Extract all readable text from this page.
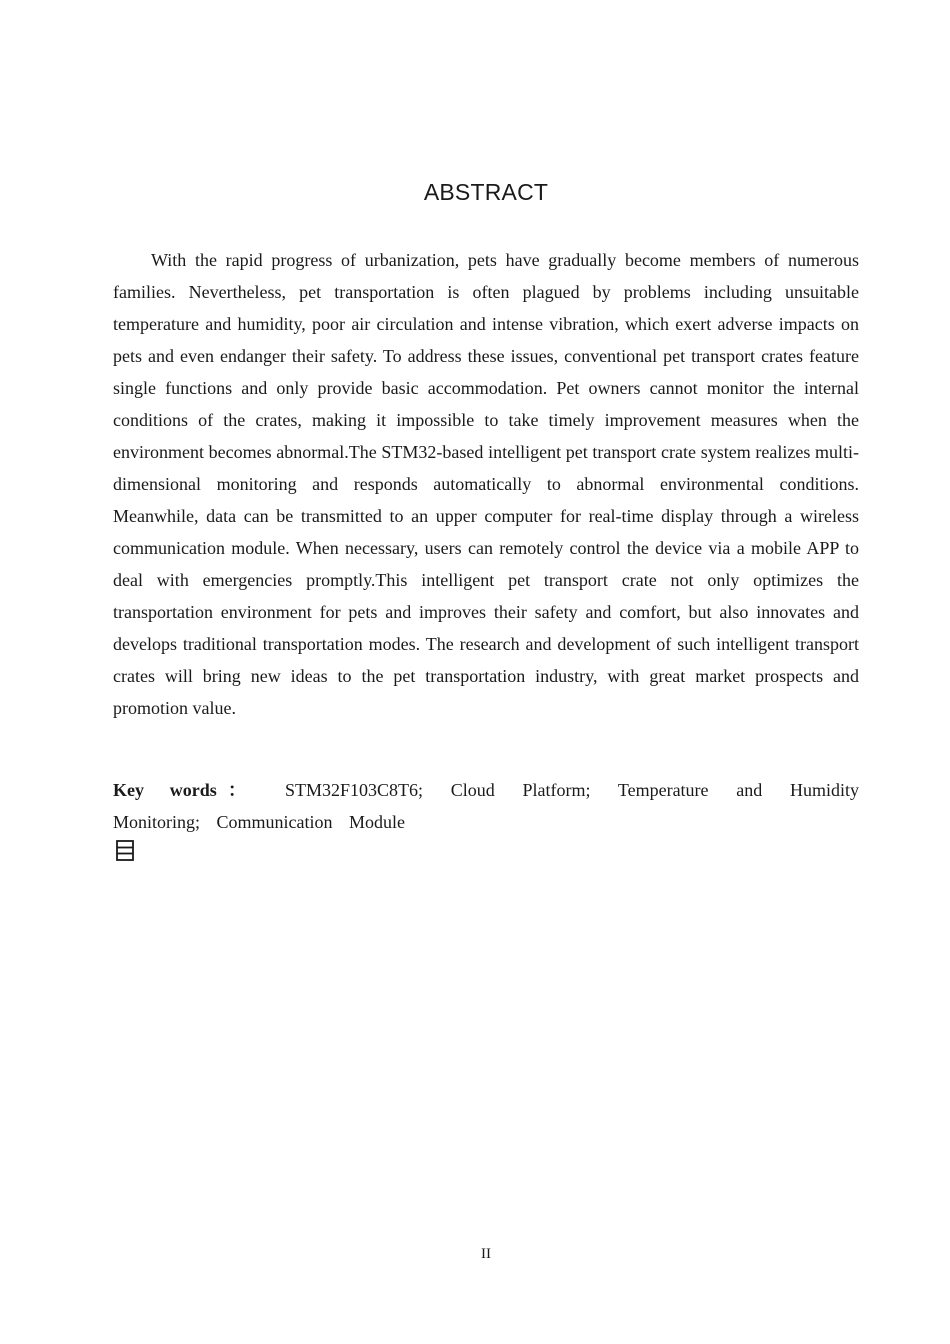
ABSTRACT

With the rapid progress of urbanization, pets have gradually become members of numerous families. Nevertheless, pet transportation is often plagued by problems including unsuitable temperature and humidity, poor air circulation and intense vibration, which exert adverse impacts on pets and even endanger their safety. To address these issues, conventional pet transport crates feature single functions and only provide basic accommodation. Pet owners cannot monitor the internal conditions of the crates, making it impossible to take timely improvement measures when the environment becomes abnormal.The STM32-based intelligent pet transport crate system realizes multi-dimensional monitoring and responds automatically to abnormal environmental conditions. Meanwhile, data can be transmitted to an upper computer for real-time display through a wireless communication module. When necessary, users can remotely control the device via a mobile APP to deal with emergencies promptly.This intelligent pet transport crate not only optimizes the transportation environment for pets and improves their safety and comfort, but also innovates and develops traditional transportation modes. The research and development of such intelligent transport crates will bring new ideas to the pet transportation industry, with great market prospects and promotion value.

Key words： STM32F103C8T6; Cloud Platform; Temperature and Humidity Monitoring; Communication Module

II
